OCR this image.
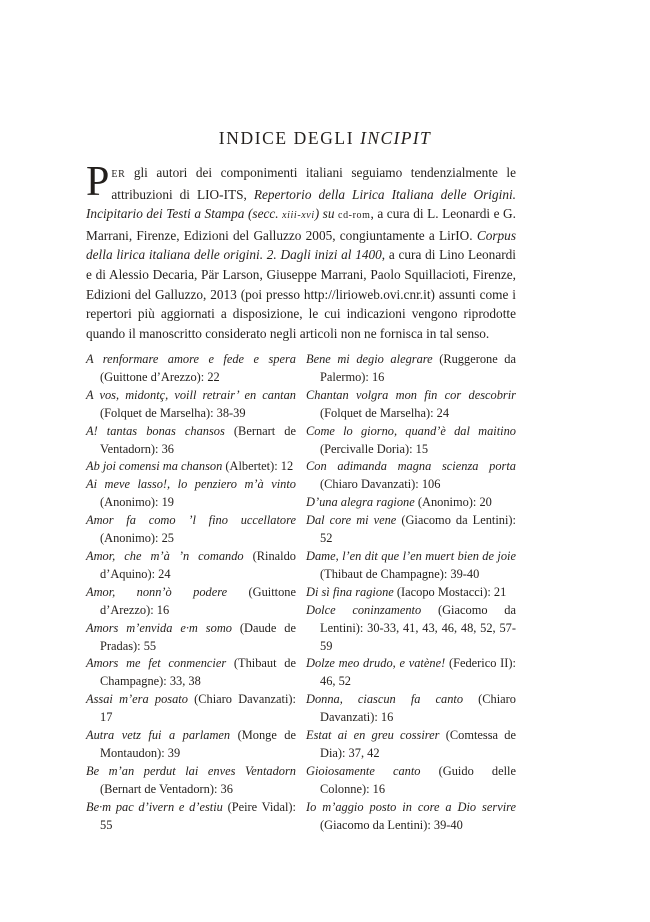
INDICE DEGLI INCIPIT

PER gli autori dei componimenti italiani seguiamo tendenzialmente le attribuzioni di LIO-ITS, Repertorio della Lirica Italiana delle Origini. Incipitario dei Testi a Stampa (secc. xiii-xvi) su cd-rom, a cura di L. Leonardi e G. Marrani, Firenze, Edizioni del Galluzzo 2005, congiuntamente a LirIO. Corpus della lirica italiana delle origini. 2. Dagli inizi al 1400, a cura di Lino Leonardi e di Alessio Decaria, Pär Larson, Giuseppe Marrani, Paolo Squillacioti, Firenze, Edizioni del Galluzzo, 2013 (poi presso http://lirioweb.ovi.cnr.it) assunti come i repertori più aggiornati a disposizione, le cui indicazioni vengono riprodotte quando il manoscritto considerato negli articoli non ne fornisca in tal senso.

A renformare amore e fede e spera (Guittone d’Arezzo): 22

A vos, midontç, voill retrair’ en cantan (Folquet de Marselha): 38-39

A! tantas bonas chansos (Bernart de Ventadorn): 36

Ab joi comensi ma chanson (Albertet): 12

Ai meve lasso!, lo penziero m’à vinto (Anonimo): 19

Amor fa como ’l fino uccellatore (Anonimo): 25

Amor, che m’à ’n comando (Rinaldo d’Aquino): 24

Amor, nonn’ò podere (Guittone d’Arezzo): 16

Amors m’envida e·m somo (Daude de Pradas): 55

Amors me fet conmencier (Thibaut de Champagne): 33, 38

Assai m’era posato (Chiaro Davanzati): 17

Autra vetz fui a parlamen (Monge de Montaudon): 39

Be m’an perdut lai enves Ventadorn (Bernart de Ventadorn): 36

Be·m pac d’ivern e d’estiu (Peire Vidal): 55

Bene mi degio alegrare (Ruggerone da Palermo): 16

Chantan volgra mon fin cor descobrir (Folquet de Marselha): 24

Come lo giorno, quand’è dal maitino (Percivalle Doria): 15

Con adimanda magna scienza porta (Chiaro Davanzati): 106

D’una alegra ragione (Anonimo): 20

Dal core mi vene (Giacomo da Lentini): 52

Dame, l’en dit que l’en muert bien de joie (Thibaut de Champagne): 39-40

Di sì fina ragione (Iacopo Mostacci): 21

Dolce coninzamento (Giacomo da Lentini): 30-33, 41, 43, 46, 48, 52, 57-59

Dolze meo drudo, e vatène! (Federico II): 46, 52

Donna, ciascun fa canto (Chiaro Davanzati): 16

Estat ai en greu cossirer (Comtessa de Dia): 37, 42

Gioiosamente canto (Guido delle Colonne): 16

Io m’aggio posto in core a Dio servire (Giacomo da Lentini): 39-40
